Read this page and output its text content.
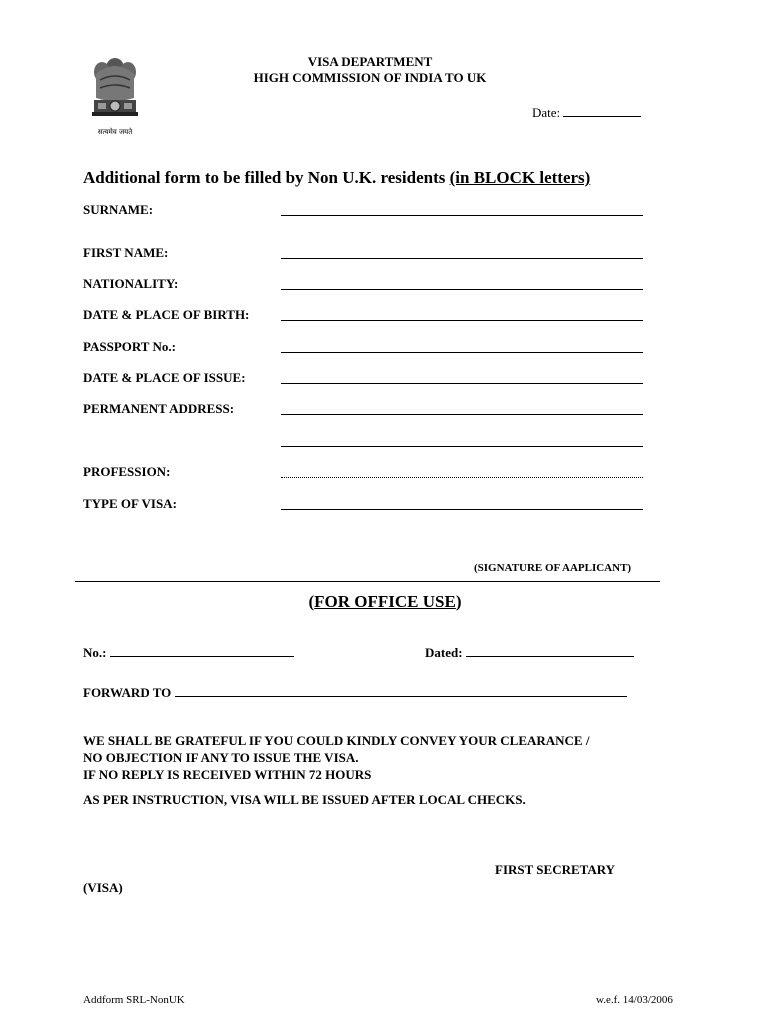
सत्यमेव जयते
VISA DEPARTMENT
HIGH COMMISSION OF INDIA TO UK
Date:
Additional form to be filled by Non U.K. residents (in BLOCK letters)
SURNAME:
FIRST NAME:
NATIONALITY:
DATE & PLACE OF BIRTH:
PASSPORT No.:
DATE & PLACE OF ISSUE:
PERMANENT ADDRESS:
PROFESSION:
TYPE OF VISA:
(SIGNATURE OF AAPLICANT)
(FOR OFFICE USE)
No.:	Dated:
FORWARD TO
WE SHALL BE GRATEFUL IF YOU COULD KINDLY CONVEY YOUR CLEARANCE /
NO OBJECTION IF ANY TO ISSUE THE VISA.
IF NO REPLY IS RECEIVED WITHIN 72 HOURS
AS PER INSTRUCTION, VISA WILL BE ISSUED AFTER LOCAL CHECKS.
FIRST SECRETARY
(VISA)
Addform SRL-NonUK	w.e.f. 14/03/2006
